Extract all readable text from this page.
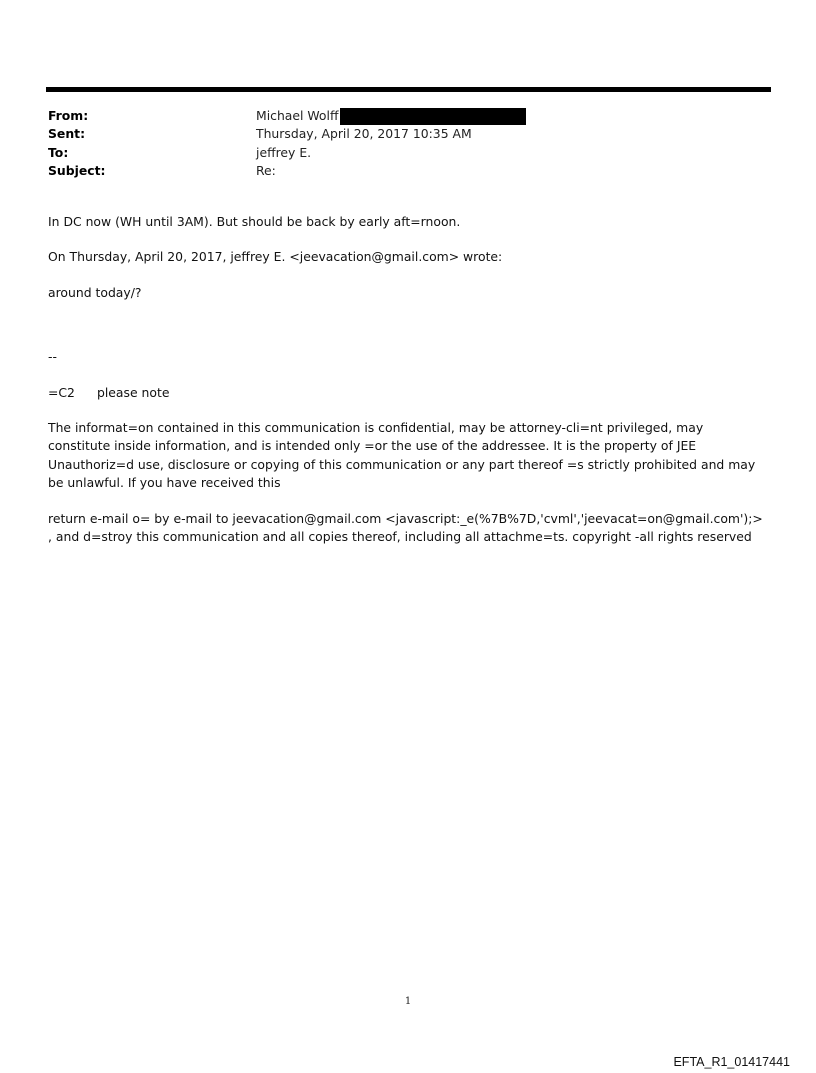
From:	Michael Wolff
Sent:	Thursday, April 20, 2017 10:35 AM
To:	jeffrey E.
Subject:	Re:

In DC now (WH until 3AM). But should be back by early aft=rnoon.

On Thursday, April 20, 2017, jeffrey E. <jeevacation@gmail.com> wrote:

around today/?

--

=C2	please note

The informat=on contained in this communication is confidential, may be attorney-cli=nt privileged, may constitute inside information, and is intended only =or the use of the addressee. It is the property of JEE Unauthoriz=d use, disclosure or copying of this communication or any part thereof =s strictly prohibited and may be unlawful. If you have received this

return e-mail o= by e-mail to jeevacation@gmail.com <javascript:_e(%7B%7D,'cvml','jeevacat=on@gmail.com');> , and d=stroy this communication and all copies thereof, including all attachme=ts. copyright -all rights reserved

1
EFTA_R1_01417441
